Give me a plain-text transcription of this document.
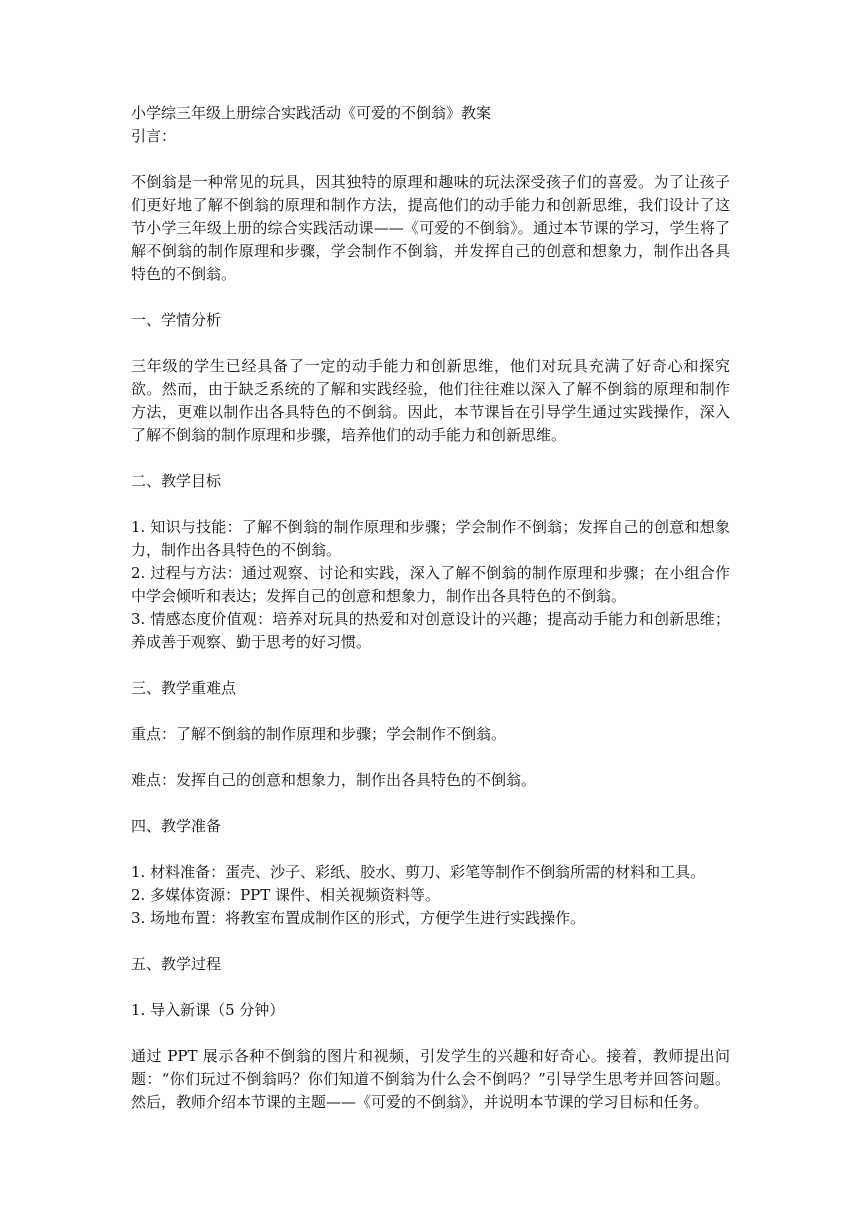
小学综三年级上册综合实践活动《可爱的不倒翁》教案

引言：

不倒翁是一种常见的玩具，因其独特的原理和趣味的玩法深受孩子们的喜爱。为了让孩子们更好地了解不倒翁的原理和制作方法，提高他们的动手能力和创新思维，我们设计了这节小学三年级上册的综合实践活动课——《可爱的不倒翁》。通过本节课的学习，学生将了解不倒翁的制作原理和步骤，学会制作不倒翁，并发挥自己的创意和想象力，制作出各具特色的不倒翁。

一、学情分析

三年级的学生已经具备了一定的动手能力和创新思维，他们对玩具充满了好奇心和探究欲。然而，由于缺乏系统的了解和实践经验，他们往往难以深入了解不倒翁的原理和制作方法，更难以制作出各具特色的不倒翁。因此，本节课旨在引导学生通过实践操作，深入了解不倒翁的制作原理和步骤，培养他们的动手能力和创新思维。

二、教学目标

1. 知识与技能：了解不倒翁的制作原理和步骤；学会制作不倒翁；发挥自己的创意和想象力，制作出各具特色的不倒翁。

2. 过程与方法：通过观察、讨论和实践，深入了解不倒翁的制作原理和步骤；在小组合作中学会倾听和表达；发挥自己的创意和想象力，制作出各具特色的不倒翁。

3. 情感态度价值观：培养对玩具的热爱和对创意设计的兴趣；提高动手能力和创新思维；养成善于观察、勤于思考的好习惯。

三、教学重难点

重点：了解不倒翁的制作原理和步骤；学会制作不倒翁。

难点：发挥自己的创意和想象力，制作出各具特色的不倒翁。

四、教学准备

1. 材料准备：蛋壳、沙子、彩纸、胶水、剪刀、彩笔等制作不倒翁所需的材料和工具。

2. 多媒体资源：PPT 课件、相关视频资料等。

3. 场地布置：将教室布置成制作区的形式，方便学生进行实践操作。

五、教学过程

1. 导入新课（5 分钟）

通过 PPT 展示各种不倒翁的图片和视频，引发学生的兴趣和好奇心。接着，教师提出问题：“你们玩过不倒翁吗？你们知道不倒翁为什么会不倒吗？”引导学生思考并回答问题。然后，教师介绍本节课的主题——《可爱的不倒翁》，并说明本节课的学习目标和任务。
